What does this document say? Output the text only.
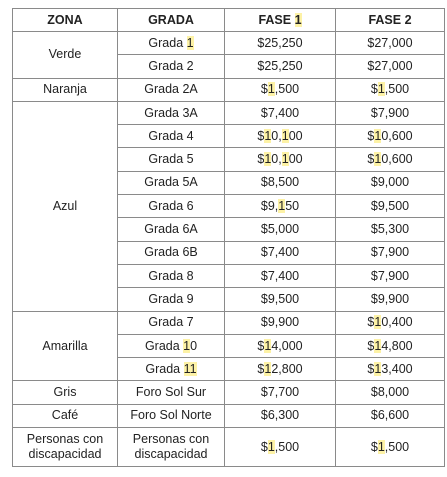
ZONA	GRADA	FASE 1	FASE 2
Verde	Grada 1	$25,250	$27,000
	Grada 2	$25,250	$27,000
Naranja	Grada 2A	$1,500	$1,500
Azul	Grada 3A	$7,400	$7,900
	Grada 4	$10,100	$10,600
	Grada 5	$10,100	$10,600
	Grada 5A	$8,500	$9,000
	Grada 6	$9,150	$9,500
	Grada 6A	$5,000	$5,300
	Grada 6B	$7,400	$7,900
	Grada 8	$7,400	$7,900
	Grada 9	$9,500	$9,900
Amarilla	Grada 7	$9,900	$10,400
	Grada 10	$14,000	$14,800
	Grada 11	$12,800	$13,400
Gris	Foro Sol Sur	$7,700	$8,000
Café	Foro Sol Norte	$6,300	$6,600
Personas con discapacidad	Personas con discapacidad	$1,500	$1,500
